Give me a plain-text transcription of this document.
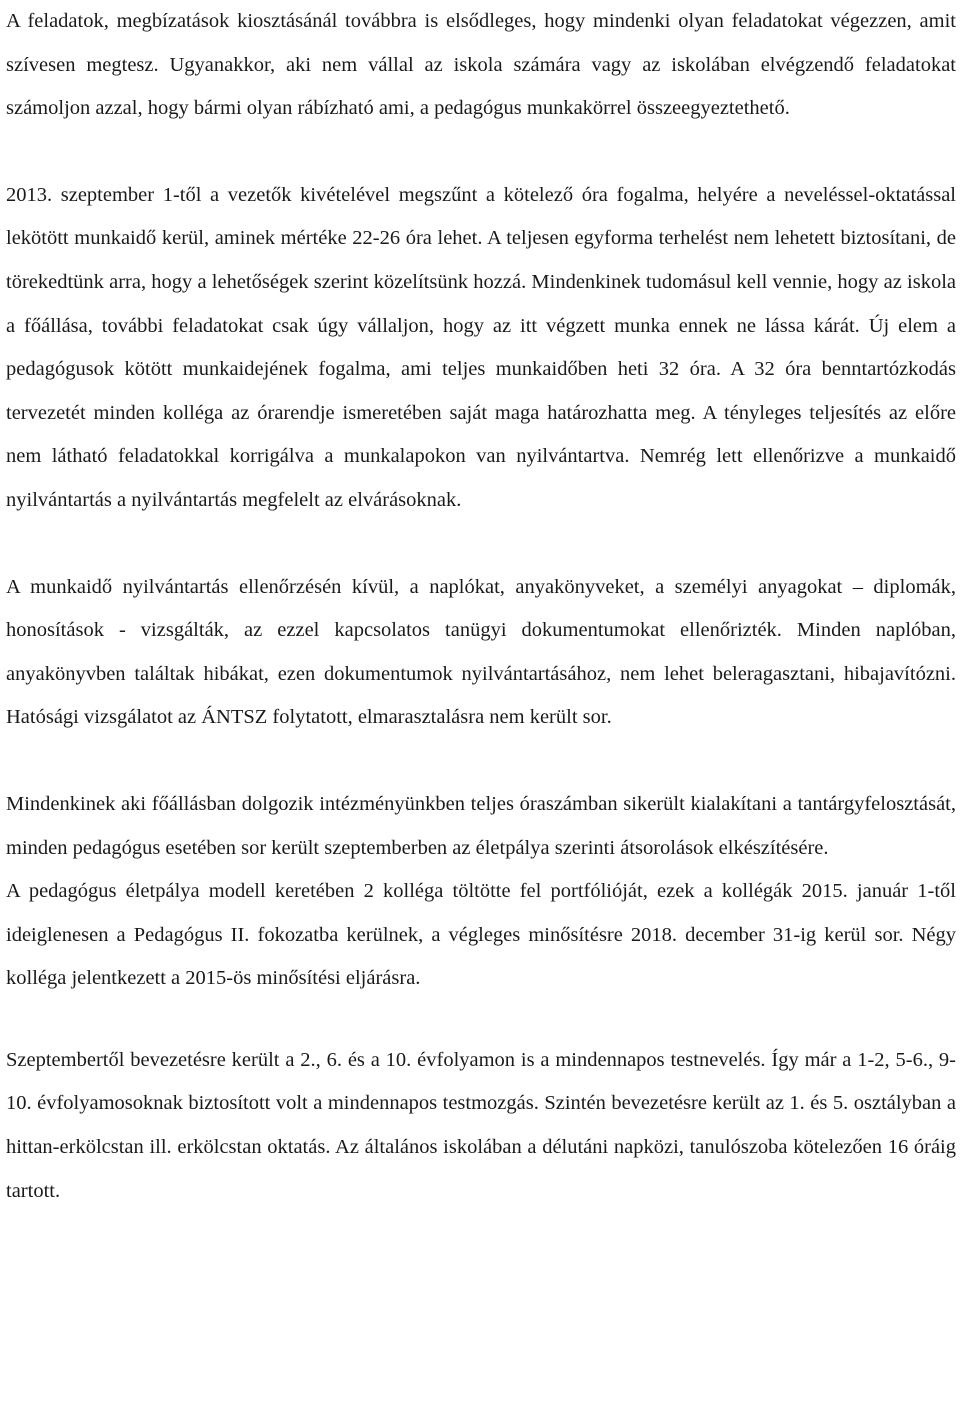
A feladatok, megbízatások kiosztásánál továbbra is elsődleges, hogy mindenki olyan feladatokat végezzen, amit szívesen megtesz. Ugyanakkor, aki nem vállal az iskola számára vagy az iskolában elvégzendő feladatokat számoljon azzal, hogy bármi olyan rábízható ami, a pedagógus munkakörrel összeegyeztethető.

2013. szeptember 1-től a vezetők kivételével megszűnt a kötelező óra fogalma, helyére a neveléssel-oktatással lekötött munkaidő kerül, aminek mértéke 22-26 óra lehet. A teljesen egyforma terhelést nem lehetett biztosítani, de törekedtünk arra, hogy a lehetőségek szerint közelítsünk hozzá. Mindenkinek tudomásul kell vennie, hogy az iskola a főállása, további feladatokat csak úgy vállaljon, hogy az itt végzett munka ennek ne lássa kárát. Új elem a pedagógusok kötött munkaidejének fogalma, ami teljes munkaidőben heti 32 óra. A 32 óra benntartózkodás tervezetét minden kolléga az órarendje ismeretében saját maga határozhatta meg. A tényleges teljesítés az előre nem látható feladatokkal korrigálva a munkalapokon van nyilvántartva. Nemrég lett ellenőrizve a munkaidő nyilvántartás a nyilvántartás megfelelt az elvárásoknak.

A munkaidő nyilvántartás ellenőrzésén kívül, a naplókat, anyakönyveket, a személyi anyagokat – diplomák, honosítások - vizsgálták, az ezzel kapcsolatos tanügyi dokumentumokat ellenőrizték. Minden naplóban, anyakönyvben találtak hibákat, ezen dokumentumok nyilvántartásához, nem lehet beleragasztani, hibajavítózni. Hatósági vizsgálatot az ÁNTSZ folytatott, elmarasztalásra nem került sor.

Mindenkinek aki főállásban dolgozik intézményünkben teljes óraszámban sikerült kialakítani a tantárgyfelosztását, minden pedagógus esetében sor került szeptemberben az életpálya szerinti átsorolások elkészítésére.

A pedagógus életpálya modell keretében 2 kolléga töltötte fel portfólióját, ezek a kollégák 2015. január 1-től ideiglenesen a Pedagógus II. fokozatba kerülnek, a végleges minősítésre 2018. december 31-ig kerül sor. Négy kolléga jelentkezett a 2015-ös minősítési eljárásra.

Szeptembertől bevezetésre került a 2., 6. és a 10. évfolyamon is a mindennapos testnevelés. Így már a 1-2, 5-6., 9-10. évfolyamosoknak biztosított volt a mindennapos testmozgás. Szintén bevezetésre került az 1. és 5. osztályban a hittan-erkölcstan ill. erkölcstan oktatás. Az általános iskolában a délutáni napközi, tanulószoba kötelezően 16 óráig tartott.
